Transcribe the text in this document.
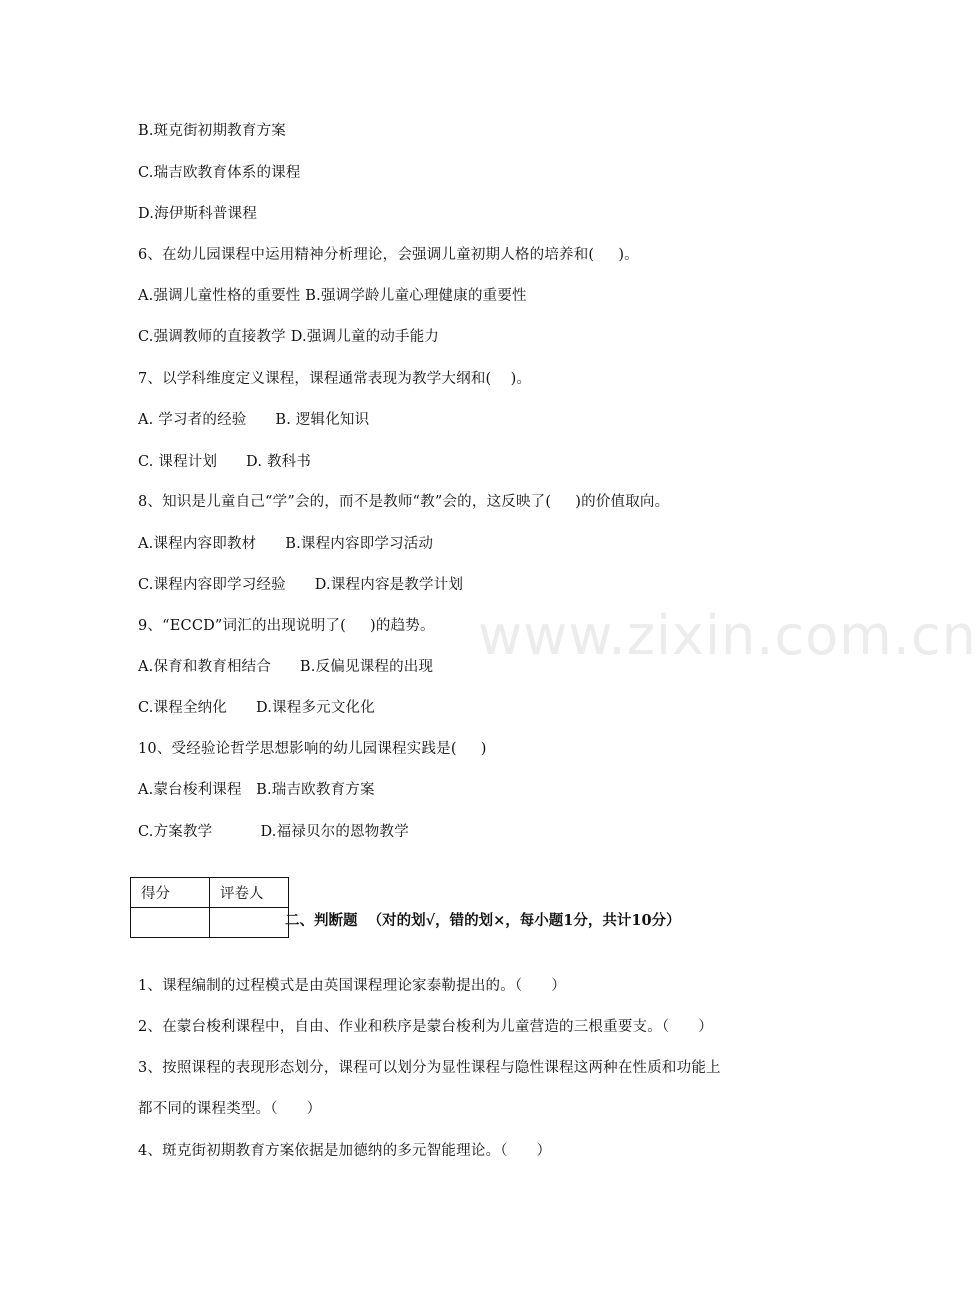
B.斑克街初期教育方案
C.瑞吉欧教育体系的课程
D.海伊斯科普课程
6、在幼儿园课程中运用精神分析理论，会强调儿童初期人格的培养和(     )。
A.强调儿童性格的重要性 B.强调学龄儿童心理健康的重要性
C.强调教师的直接教学 D.强调儿童的动手能力
7、以学科维度定义课程，课程通常表现为教学大纲和(    )。
A. 学习者的经验      B. 逻辑化知识
C. 课程计划      D. 教科书
8、知识是儿童自己“学”会的，而不是教师“教”会的，这反映了(     )的价值取向。
A.课程内容即教材      B.课程内容即学习活动
C.课程内容即学习经验      D.课程内容是教学计划
9、“ECCD”词汇的出现说明了(     )的趋势。
A.保育和教育相结合      B.反偏见课程的出现
C.课程全纳化      D.课程多元文化化
10、受经验论哲学思想影响的幼儿园课程实践是(     )
A.蒙台梭利课程   B.瑞吉欧教育方案
C.方案教学          D.福禄贝尔的恩物教学
得分	评卷人

二、判断题  （对的划√，错的划×，每小题1分，共计10分）
1、课程编制的过程模式是由英国课程理论家泰勒提出的。（      ）
2、在蒙台梭利课程中，自由、作业和秩序是蒙台梭利为儿童营造的三根重要支。（      ）
3、按照课程的表现形态划分，课程可以划分为显性课程与隐性课程这两种在性质和功能上
都不同的课程类型。（      ）
4、斑克街初期教育方案依据是加德纳的多元智能理论。（      ）
www.zixin.com.cn
